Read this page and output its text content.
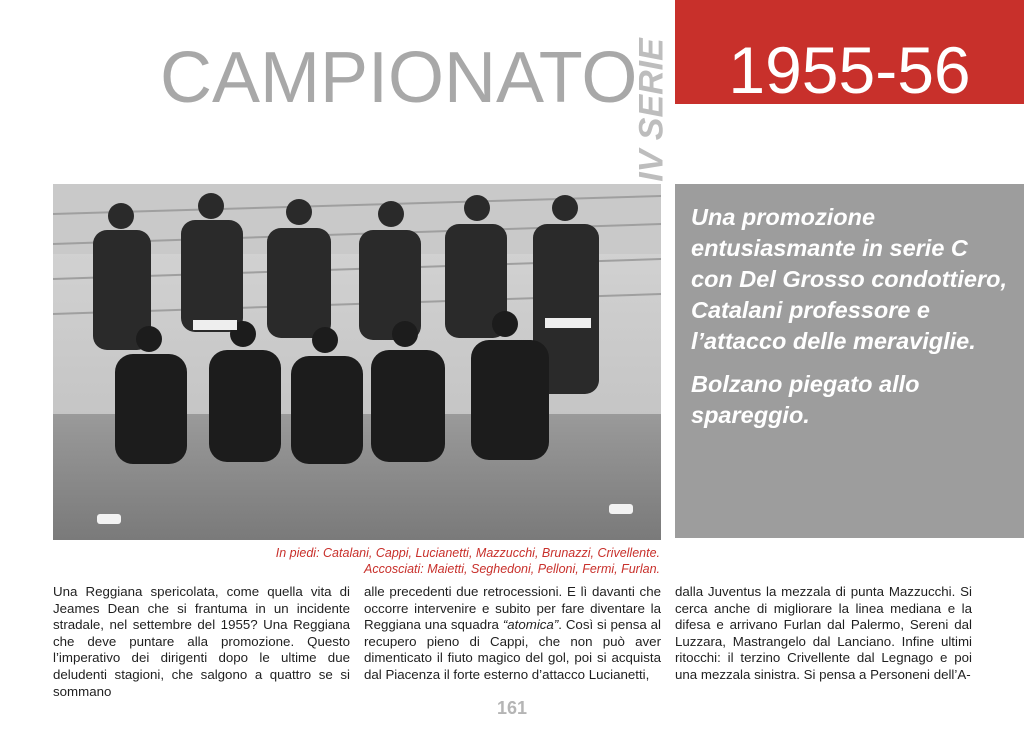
CAMPIONATO
IV SERIE 1955-56

Una promozione entusiasmante in serie C con Del Grosso condottiero, Catalani professore e l’attacco delle meraviglie.

Bolzano piegato allo spareggio.

In piedi: Catalani, Cappi, Lucianetti, Mazzucchi, Brunazzi, Crivellente.
Accosciati: Maietti, Seghedoni, Pelloni, Fermi, Furlan.

Una Reggiana spericolata, come quella vita di Jeames Dean che si frantuma in un incidente stradale, nel settembre del 1955? Una Reggiana che deve puntare alla promozione. Questo l’imperativo dei dirigenti dopo le ultime due deludenti stagioni, che salgono a quattro se si sommano

alle precedenti due retrocessioni. E lì davanti che occorre intervenire e subito per fare diventare la Reggiana una squadra “atomica”. Così si pensa al recupero pieno di Cappi, che non può aver dimenticato il fiuto magico del gol, poi si acquista dal Piacenza il forte esterno d’attacco Lucianetti,

dalla Juventus la mezzala di punta Mazzucchi. Si cerca anche di migliorare la linea mediana e la difesa e arrivano Furlan dal Palermo, Sereni dal Luzzara, Mastrangelo dal Lanciano. Infine ultimi ritocchi: il terzino Crivellente dal Legnago e poi una mezzala sinistra. Si pensa a Personeni dell’A-

161
